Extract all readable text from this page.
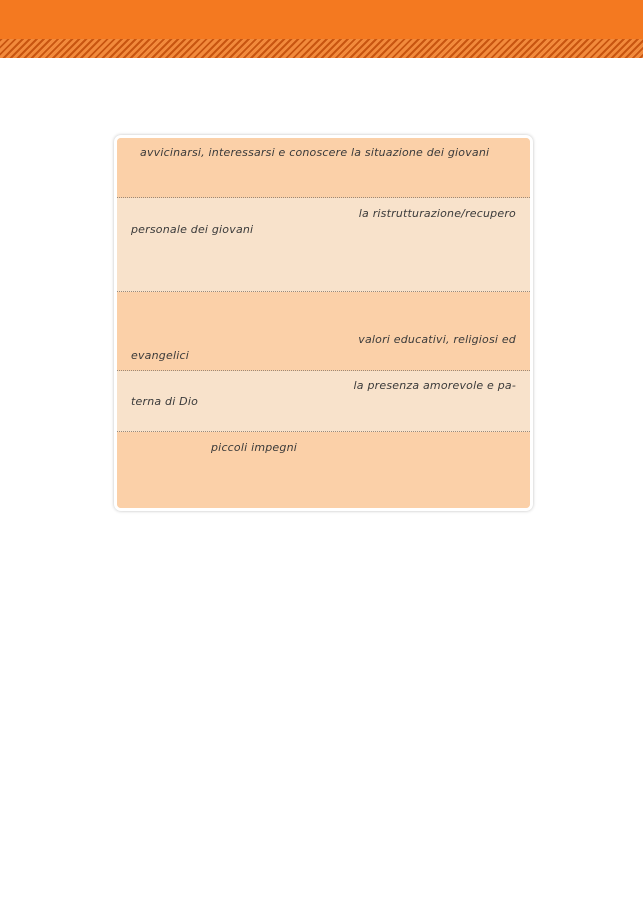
avvicinarsi, interessarsi e conoscere la situazione dei giovani
la ristrutturazione/recupero
personale dei giovani
valori educativi, religiosi ed
evangelici
la presenza amorevole e pa-
terna di Dio
piccoli impegni
